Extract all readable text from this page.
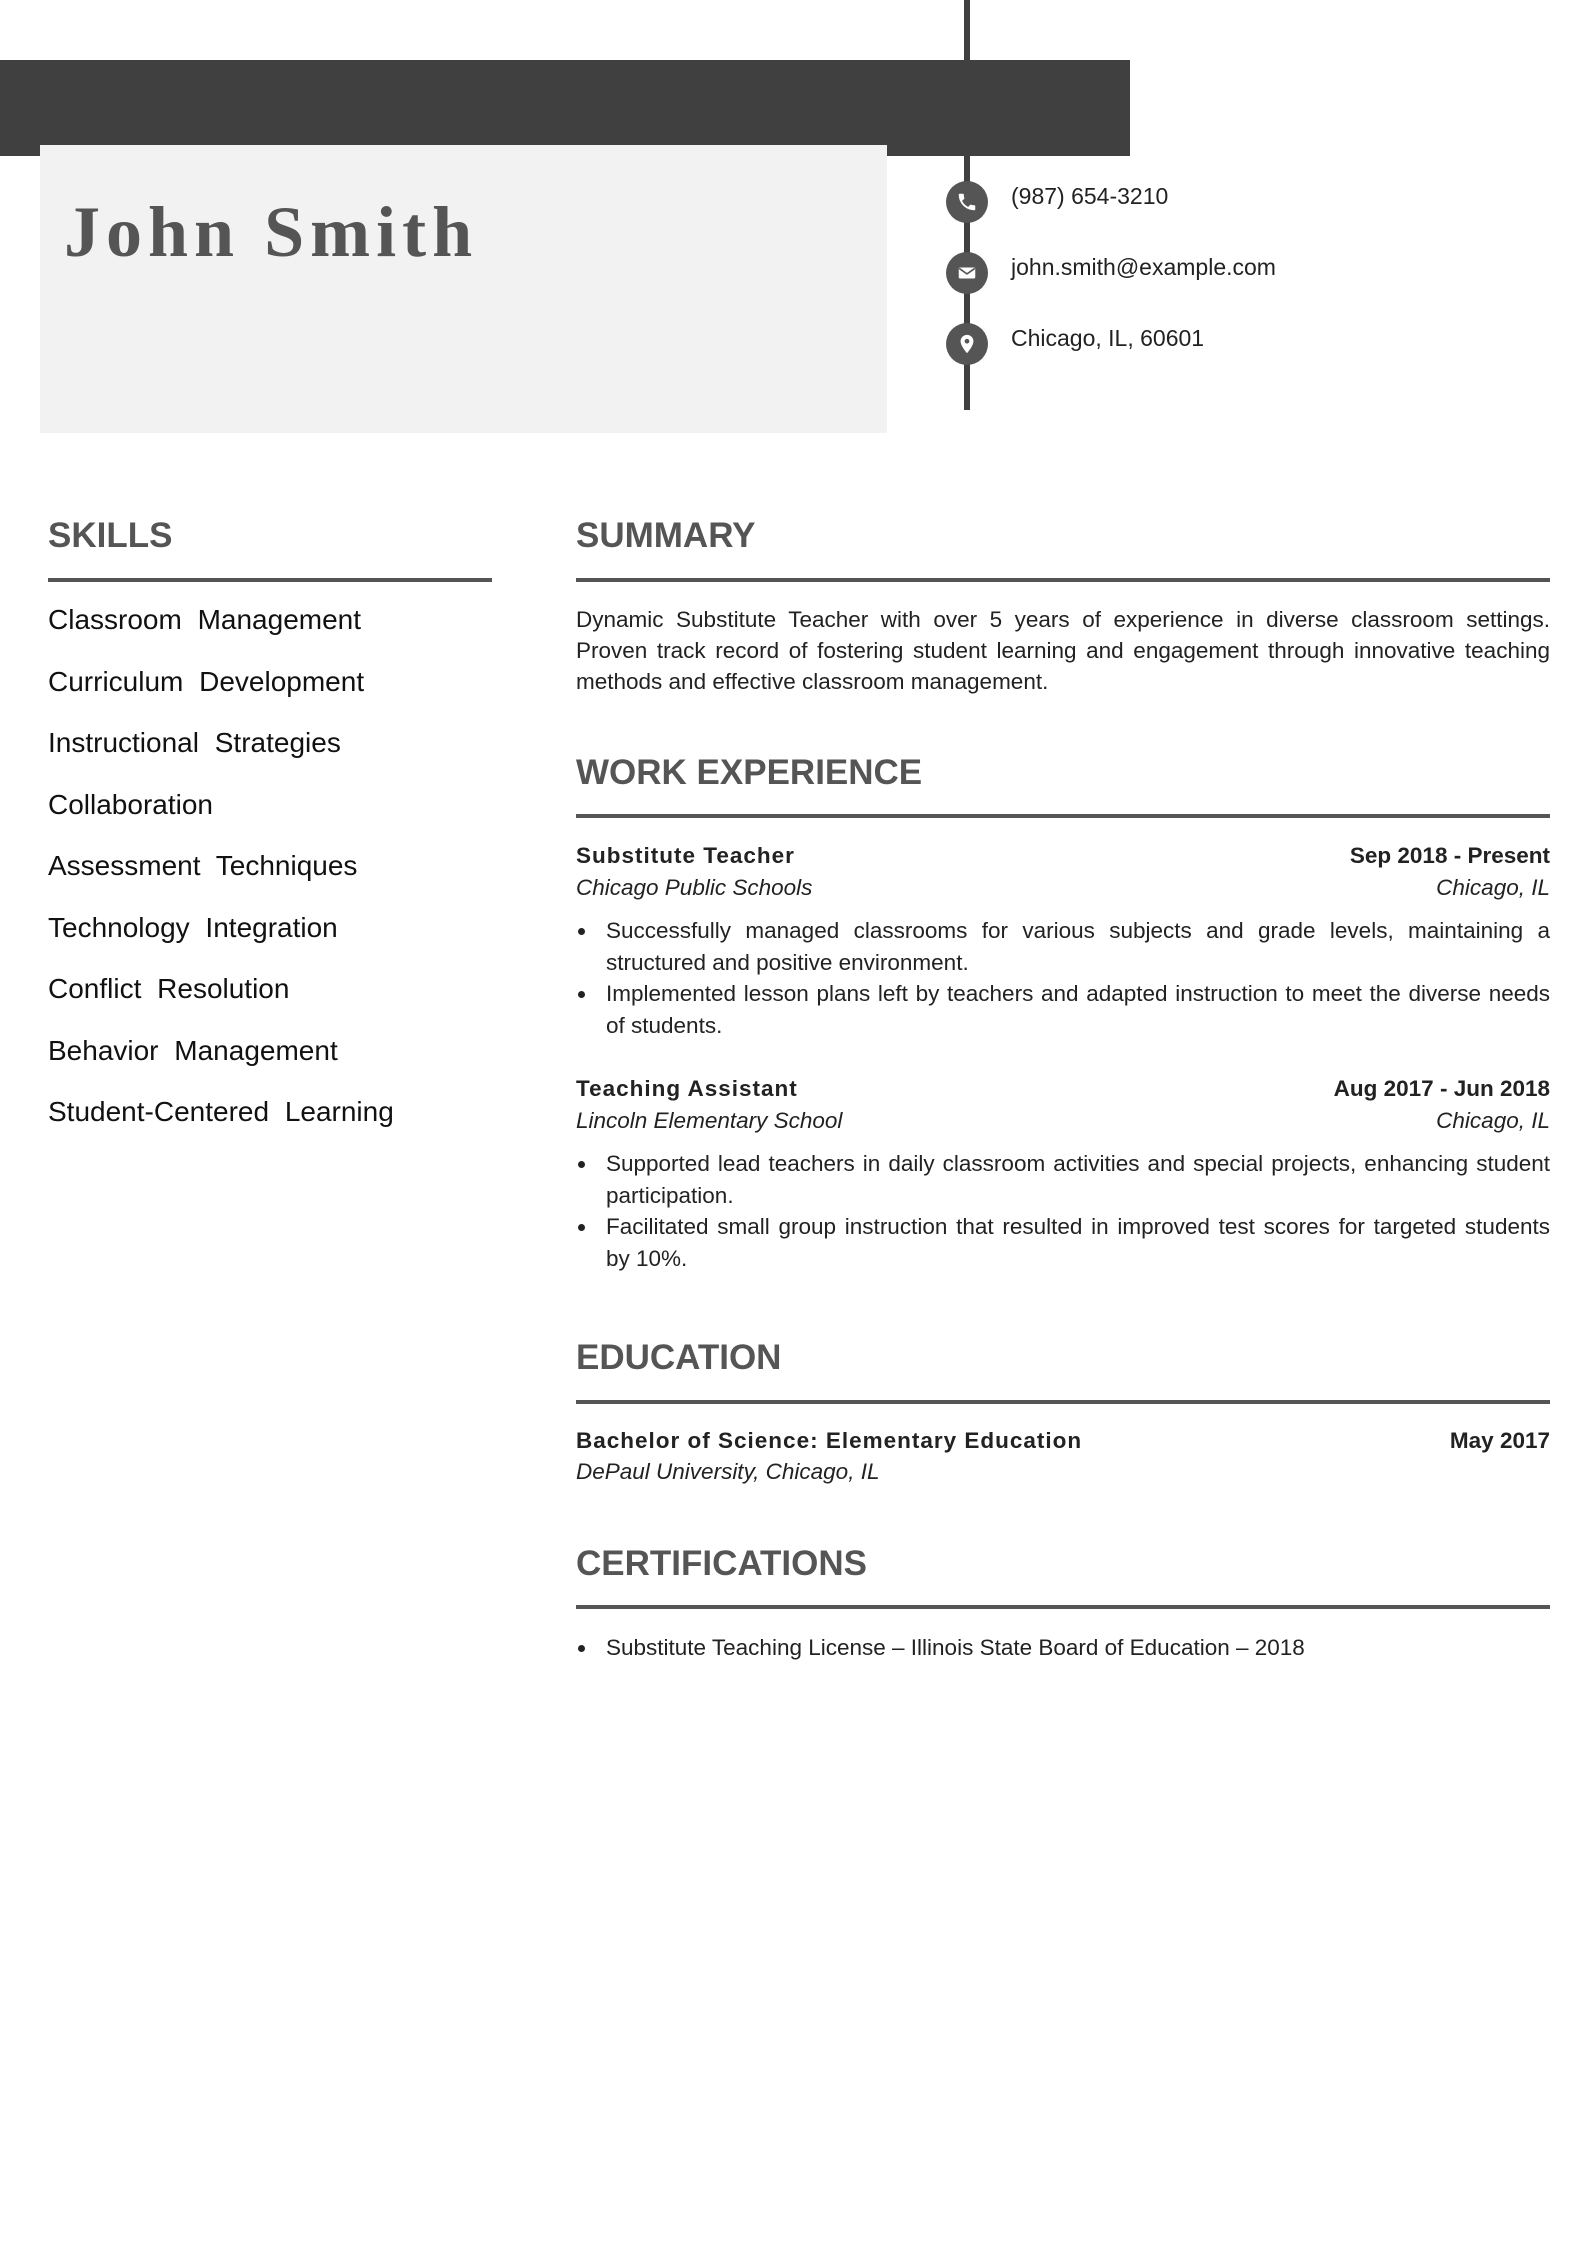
John Smith	(987) 654-3210
john.smith@example.com
Chicago, IL, 60601
SKILLS
Classroom Management
Curriculum Development
Instructional Strategies
Collaboration
Assessment Techniques
Technology Integration
Conflict Resolution
Behavior Management
Student-Centered Learning
SUMMARY

Dynamic Substitute Teacher with over 5 years of experience in diverse classroom settings. Proven track record of fostering student learning and engagement through innovative teaching methods and effective classroom management.

WORK EXPERIENCE
Substitute Teacher	Sep 2018 - Present
Chicago Public Schools	Chicago, IL
Successfully managed classrooms for various subjects and grade levels, maintaining a structured and positive environment.
Implemented lesson plans left by teachers and adapted instruction to meet the diverse needs of students.
Teaching Assistant	Aug 2017 - Jun 2018
Lincoln Elementary School	Chicago, IL
Supported lead teachers in daily classroom activities and special projects, enhancing student participation.
Facilitated small group instruction that resulted in improved test scores for targeted students by 10%.
EDUCATION
Bachelor of Science: Elementary Education	May 2017
DePaul University, Chicago, IL
CERTIFICATIONS
Substitute Teaching License – Illinois State Board of Education – 2018
